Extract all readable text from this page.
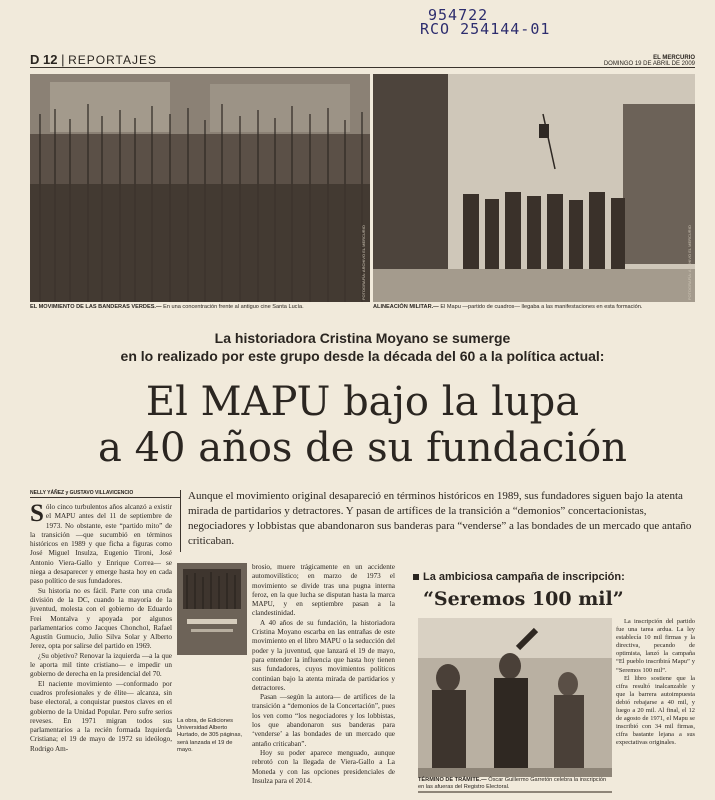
954722
RCO 254144-01
D 12 | REPORTAJES	EL MERCURIO
DOMINGO 19 DE ABRIL DE 2009
FOTOGRAFÍA: ARCHIVO EL MERCURIO
EL MOVIMIENTO DE LAS BANDERAS VERDES.— En una concentración frente al antiguo cine Santa Lucía.
FOTOGRAFÍA: ARCHIVO EL MERCURIO
ALINEACIÓN MILITAR.— El Mapu —partido de cuadros— llegaba a las manifestaciones en esta formación.
La historiadora Cristina Moyano se sumerge
en lo realizado por este grupo desde la década del 60 a la política actual:
El MAPU bajo la lupa
a 40 años de su fundación
NELLY YÁÑEZ y GUSTAVO VILLAVICENCIO	Aunque el movimiento original desapareció en términos históricos en 1989, sus fundadores siguen bajo la atenta mirada de partidarios y detractores. Y pasan de artífices de la transición a “demonios” concertacionistas, negociadores y lobbistas que abandonaron sus banderas para “venderse” a las bondades de un mercado que antaño criticaban.

Sólo cinco turbulentos años alcanzó a existir el MAPU antes del 11 de septiembre de 1973. No obstante, este “partido mito” de la transición —que sucumbió en términos históricos en 1989 y que ficha a figuras como José Miguel Insulza, Eugenio Tironi, José Antonio Viera-Gallo y Enrique Correa— se niega a desaparecer y emerge hasta hoy en cada paso político de sus fundadores.

Su historia no es fácil. Parte con una cruda división de la DC, cuando la mayoría de la juventud, molesta con el gobierno de Eduardo Frei Montalva y apoyada por algunos parlamentarios como Jacques Chonchol, Rafael Agustín Gumucio, Julio Silva Solar y Alberto Jerez, opta por salirse del partido en 1969.

¿Su objetivo? Renovar la izquierda —a la que le aporta mil tinte cristiano— e impedir un gobierno de derecha en la presidencial del 70.

El naciente movimiento —conformado por cuadros profesionales y de élite— alcanza, sin base electoral, a conquistar puestos claves en el gobierno de la Unidad Popular. Pero sufre serios reveses. En 1971 migran todos sus parlamentarios a la recién formada Izquierda Cristiana; el 19 de mayo de 1972 su ideólogo, Rodrigo Am-

La obra, de Ediciones Universidad Alberto Hurtado, de 305 páginas, será lanzada el 19 de mayo.

brosio, muere trágicamente en un accidente automovilístico; en marzo de 1973 el movimiento se divide tras una pugna interna feroz, en la que lucha se disputan hasta la marca MAPU, y en septiembre pasan a la clandestinidad.

A 40 años de su fundación, la historiadora Cristina Moyano escarba en las entrañas de este movimiento en el libro MAPU o la seducción del poder y la juventud, que lanzará el 19 de mayo, para entender la influencia que hasta hoy tienen sus fundadores, cuyos movimientos políticos continúan bajo la atenta mirada de partidarios y detractores.

Pasan —según la autora— de artífices de la transición a “demonios de la Concertación”, pues los ven como “los negociadores y los lobbistas, los que abandonaron sus banderas para ‘venderse’ a las bondades de un mercado que antaño criticaban”.

Hoy su poder aparece menguado, aunque rebrotó con la llegada de Viera-Gallo a La Moneda y con las opciones presidenciales de Insulza para el 2014.

La ambiciosa campaña de inscripción:
“Seremos 100 mil”
TÉRMINO DE TRÁMITE.— Óscar Guillermo Garretón celebra la inscripción en las afueras del Registro Electoral.

La inscripción del partido fue una tarea ardua. La ley establecía 10 mil firmas y la directiva, pecando de optimista, lanzó la campaña “El pueblo inscribirá Mapu” y “Seremos 100 mil”.

El libro sostiene que la cifra resultó inalcanzable y que la barrera autoimpuesta debió rebajarse a 40 mil, y luego a 20 mil. Al final, el 12 de agosto de 1971, el Mapu se inscribió con 34 mil firmas, cifra bastante lejana a sus expectativas originales.
